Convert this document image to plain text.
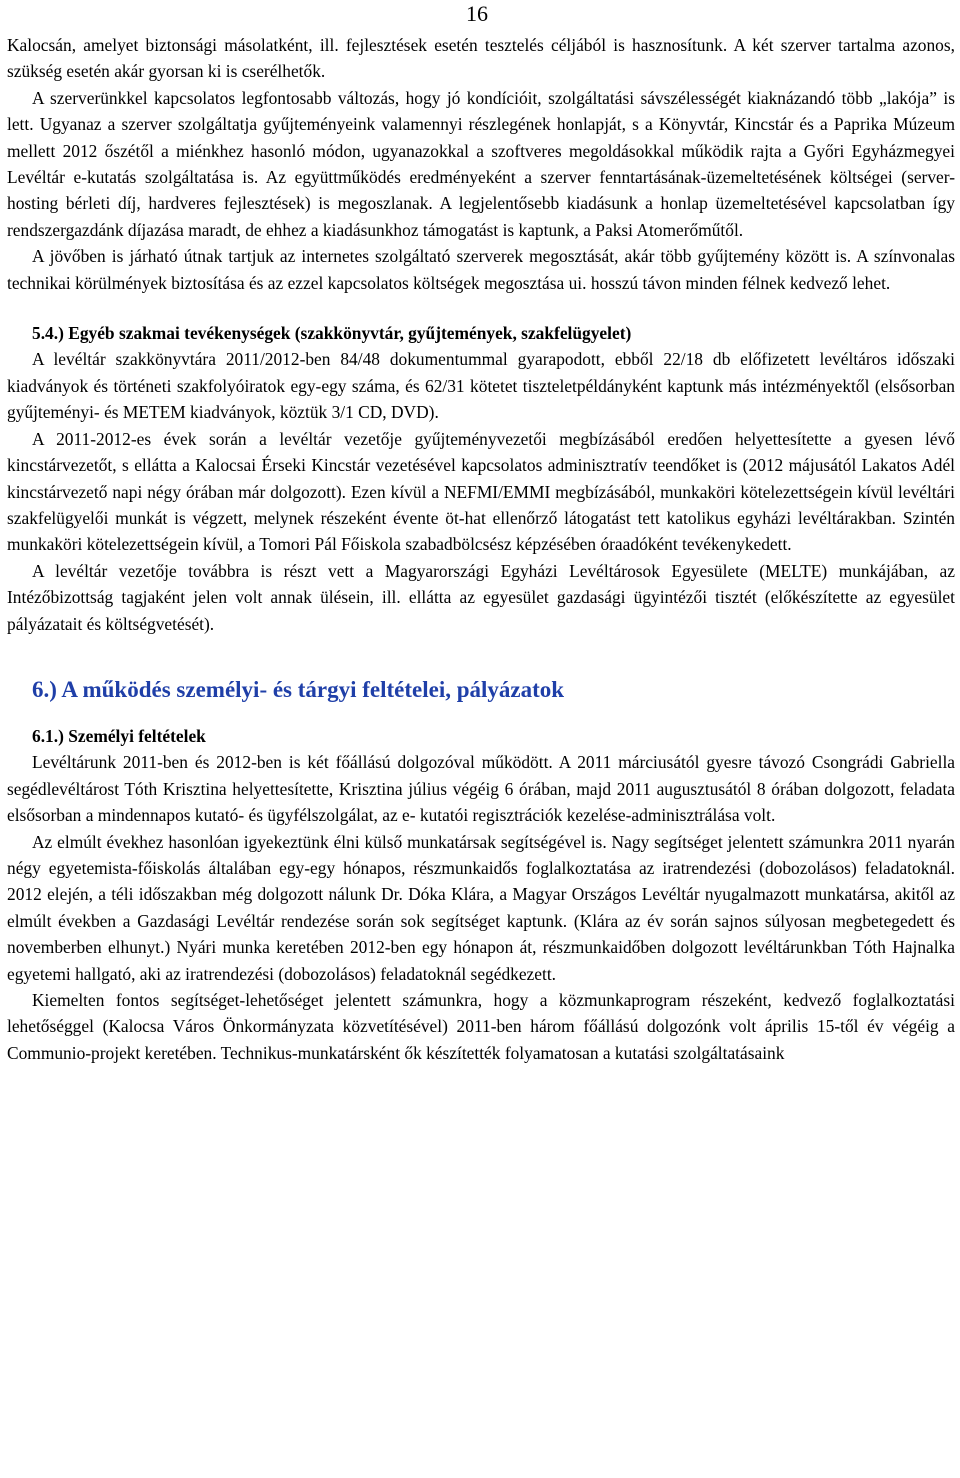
16

Kalocsán, amelyet biztonsági másolatként, ill. fejlesztések esetén tesztelés céljából is hasznosítunk. A két szerver tartalma azonos, szükség esetén akár gyorsan ki is cserélhetők.

A szerverünkkel kapcsolatos legfontosabb változás, hogy jó kondícióit, szolgáltatási sávszélességét kiaknázandó több „lakója” is lett. Ugyanaz a szerver szolgáltatja gyűjteményeink valamennyi részlegének honlapját, s a Könyvtár, Kincstár és a Paprika Múzeum mellett 2012 őszétől a miénkhez hasonló módon, ugyanazokkal a szoftveres megoldásokkal működik rajta a Győri Egyházmegyei Levéltár e-kutatás szolgáltatása is. Az együttműködés eredményeként a szerver fenntartásának-üzemeltetésének költségei (server-hosting bérleti díj, hardveres fejlesztések) is megoszlanak. A legjelentősebb kiadásunk a honlap üzemeltetésével kapcsolatban így rendszergazdánk díjazása maradt, de ehhez a kiadásunkhoz támogatást is kaptunk, a Paksi Atomerőműtől.

A jövőben is járható útnak tartjuk az internetes szolgáltató szerverek megosztását, akár több gyűjtemény között is. A színvonalas technikai körülmények biztosítása és az ezzel kapcsolatos költségek megosztása ui. hosszú távon minden félnek kedvező lehet.

5.4.) Egyéb szakmai tevékenységek (szakkönyvtár, gyűjtemények, szakfelügyelet)

A levéltár szakkönyvtára 2011/2012-ben 84/48 dokumentummal gyarapodott, ebből 22/18 db előfizetett levéltáros időszaki kiadványok és történeti szakfolyóiratok egy-egy száma, és 62/31 kötetet tiszteletpéldányként kaptunk más intézményektől (elsősorban gyűjteményi- és METEM kiadványok, köztük 3/1 CD, DVD).

A 2011-2012-es évek során a levéltár vezetője gyűjteményvezetői megbízásából eredően helyettesítette a gyesen lévő kincstárvezetőt, s ellátta a Kalocsai Érseki Kincstár vezetésével kapcsolatos adminisztratív teendőket is (2012 májusától Lakatos Adél kincstárvezető napi négy órában már dolgozott). Ezen kívül a NEFMI/EMMI megbízásából, munkaköri kötelezettségein kívül levéltári szakfelügyelői munkát is végzett, melynek részeként évente öt-hat ellenőrző látogatást tett katolikus egyházi levéltárakban. Szintén munkaköri kötelezettségein kívül, a Tomori Pál Főiskola szabadbölcsész képzésében óraadóként tevékenykedett.

A levéltár vezetője továbbra is részt vett a Magyarországi Egyházi Levéltárosok Egyesülete (MELTE) munkájában, az Intézőbizottság tagjaként jelen volt annak ülésein, ill. ellátta az egyesület gazdasági ügyintézői tisztét (előkészítette az egyesület pályázatait és költségvetését).

6.) A működés személyi- és tárgyi feltételei, pályázatok
6.1.) Személyi feltételek

Levéltárunk 2011-ben és 2012-ben is két főállású dolgozóval működött. A 2011 márciusától gyesre távozó Csongrádi Gabriella segédlevéltárost Tóth Krisztina helyettesítette, Krisztina július végéig 6 órában, majd 2011 augusztusától 8 órában dolgozott, feladata elsősorban a mindennapos kutató- és ügyfélszolgálat, az e- kutatói regisztrációk kezelése-adminisztrálása volt.

Az elmúlt évekhez hasonlóan igyekeztünk élni külső munkatársak segítségével is. Nagy segítséget jelentett számunkra 2011 nyarán négy egyetemista-főiskolás általában egy-egy hónapos, részmunkaidős foglalkoztatása az iratrendezési (dobozolásos) feladatoknál. 2012 elején, a téli időszakban még dolgozott nálunk Dr. Dóka Klára, a Magyar Országos Levéltár nyugalmazott munkatársa, akitől az elmúlt években a Gazdasági Levéltár rendezése során sok segítséget kaptunk. (Klára az év során sajnos súlyosan megbetegedett és novemberben elhunyt.) Nyári munka keretében 2012-ben egy hónapon át, részmunkaidőben dolgozott levéltárunkban Tóth Hajnalka egyetemi hallgató, aki az iratrendezési (dobozolásos) feladatoknál segédkezett.

Kiemelten fontos segítséget-lehetőséget jelentett számunkra, hogy a közmunkaprogram részeként, kedvező foglalkoztatási lehetőséggel (Kalocsa Város Önkormányzata közvetítésével) 2011-ben három főállású dolgozónk volt április 15-től év végéig a Communio-projekt keretében. Technikus-munkatársként ők készítették folyamatosan a kutatási szolgáltatásaink
